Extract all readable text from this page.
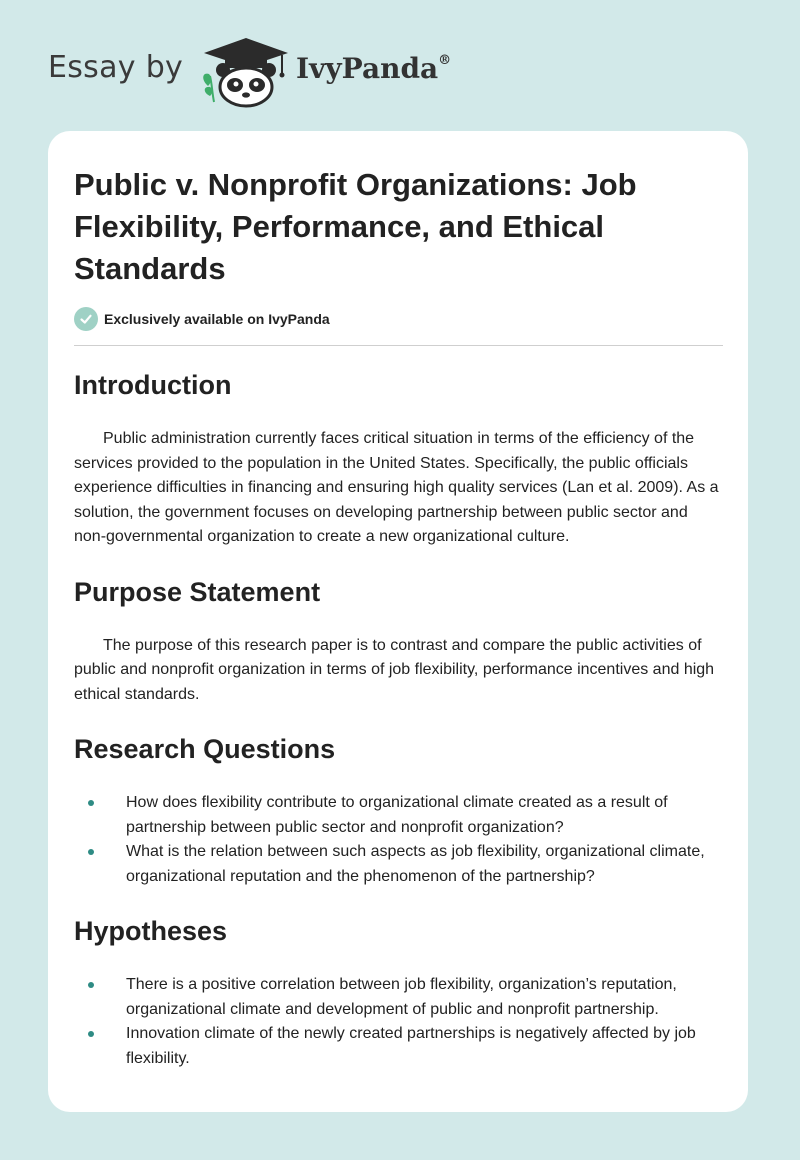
Essay by	IvyPanda®
Public v. Nonprofit Organizations: Job Flexibility, Performance, and Ethical Standards
Exclusively available on IvyPanda
Introduction

Public administration currently faces critical situation in terms of the efficiency of the services provided to the population in the United States. Specifically, the public officials experience difficulties in financing and ensuring high quality services (Lan et al. 2009). As a solution, the government focuses on developing partnership between public sector and non-governmental organization to create a new organizational culture.

Purpose Statement

The purpose of this research paper is to contrast and compare the public activities of public and nonprofit organization in terms of job flexibility, performance incentives and high ethical standards.

Research Questions
How does flexibility contribute to organizational climate created as a result of partnership between public sector and nonprofit organization?
What is the relation between such aspects as job flexibility, organizational climate, organizational reputation and the phenomenon of the partnership?
Hypotheses
There is a positive correlation between job flexibility, organization’s reputation, organizational climate and development of public and nonprofit partnership.
Innovation climate of the newly created partnerships is negatively affected by job flexibility.
